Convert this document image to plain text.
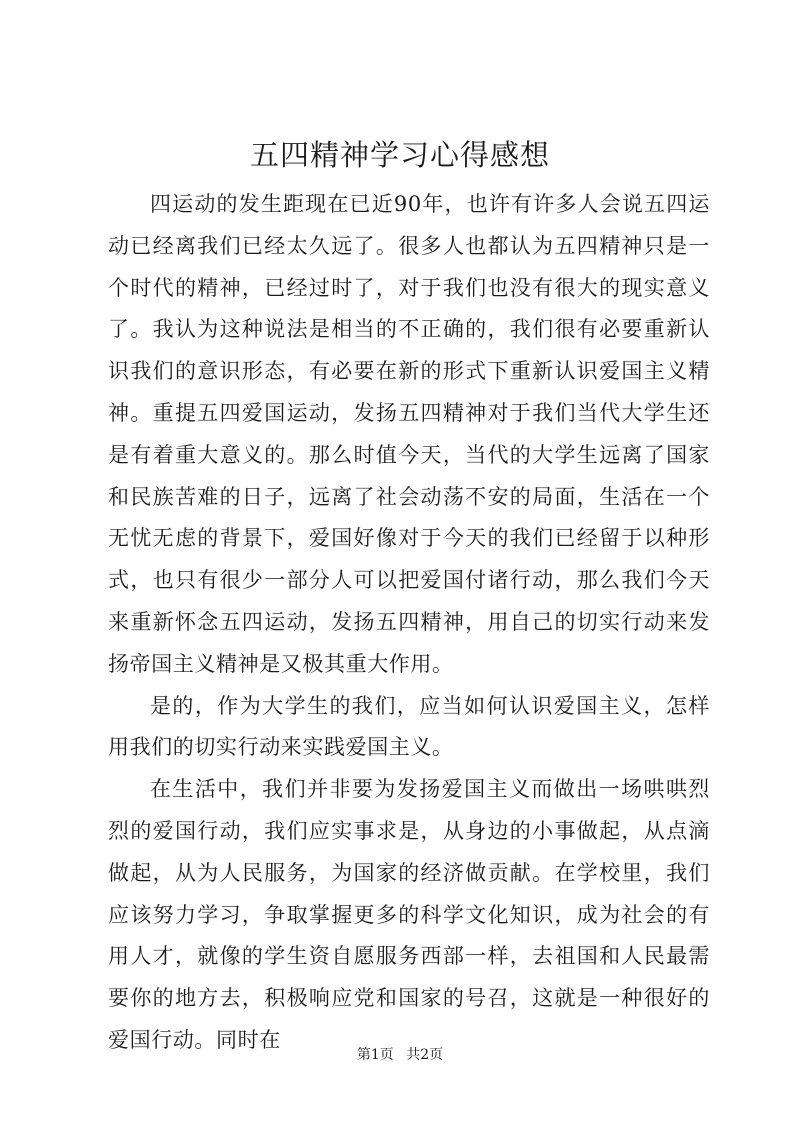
五四精神学习心得感想

四运动的发生距现在已近90年，也许有许多人会说五四运动已经离我们已经太久远了。很多人也都认为五四精神只是一个时代的精神，已经过时了，对于我们也没有很大的现实意义了。我认为这种说法是相当的不正确的，我们很有必要重新认识我们的意识形态，有必要在新的形式下重新认识爱国主义精神。重提五四爱国运动，发扬五四精神对于我们当代大学生还是有着重大意义的。那么时值今天，当代的大学生远离了国家和民族苦难的日子，远离了社会动荡不安的局面，生活在一个无忧无虑的背景下，爱国好像对于今天的我们已经留于以种形式，也只有很少一部分人可以把爱国付诸行动，那么我们今天来重新怀念五四运动，发扬五四精神，用自己的切实行动来发扬帝国主义精神是又极其重大作用。

是的，作为大学生的我们，应当如何认识爱国主义，怎样用我们的切实行动来实践爱国主义。

在生活中，我们并非要为发扬爱国主义而做出一场哄哄烈烈的爱国行动，我们应实事求是，从身边的小事做起，从点滴做起，从为人民服务，为国家的经济做贡献。在学校里，我们应该努力学习，争取掌握更多的科学文化知识，成为社会的有用人才，就像的学生资自愿服务西部一样，去祖国和人民最需要你的地方去，积极响应党和国家的号召，这就是一种很好的爱国行动。同时在

第1页 共2页
